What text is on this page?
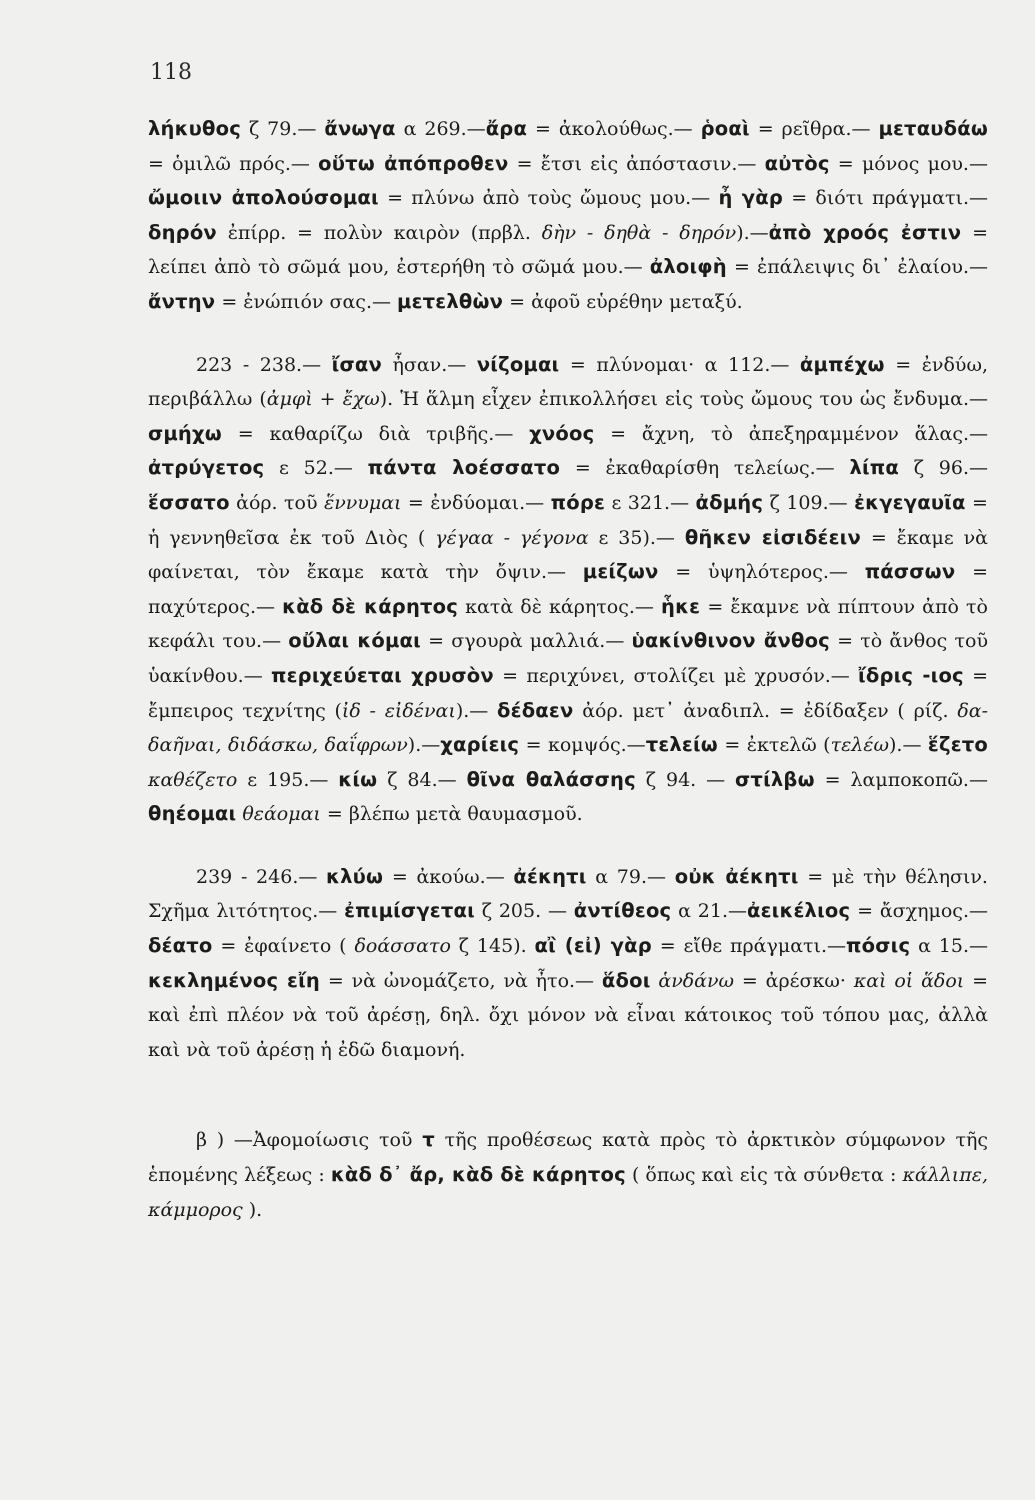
118

λήκυθος ζ 79.— ἄνωγα α 269.—ἄρα = ἀκολούθως.— ῥοαὶ = ρεῖθρα.— μεταυδάω = ὁμιλῶ πρός.— οὕτω ἀπόπροθεν = ἔτσι εἰς ἀπόστασιν.— αὐτὸς = μόνος μου.— ὤμοιιν ἀπολούσομαι = πλύνω ἀπὸ τοὺς ὤμους μου.— ἦ γὰρ = διότι πράγματι.— δηρόν ἐπίρρ. = πολὺν καιρὸν (πρβλ. δὴν - δηθὰ - δηρόν).—ἀπὸ χροός ἐστιν = λείπει ἀπὸ τὸ σῶμά μου, ἐστερήθη τὸ σῶμά μου.— ἀλοιφὴ = ἐπάλειψις δι᾽ ἐλαίου.— ἄντην = ἐνώπιόν σας.— μετελθὼν = ἀφοῦ εὑρέθην μεταξύ.

223 - 238.— ἴσαν ἦσαν.— νίζομαι = πλύνομαι· α 112.— ἀμπέχω = ἐνδύω, περιβάλλω (ἀμφὶ + ἔχω). Ἡ ἅλμη εἶχεν ἐπικολλήσει εἰς τοὺς ὤμους του ὡς ἔνδυμα.— σμήχω = καθαρίζω διὰ τριβῆς.— χνόος = ἄχνη, τὸ ἀπεξηραμμένον ἅλας.— ἀτρύγετος ε 52.— πάντα λοέσσατο = ἐκαθαρίσθη τελείως.— λίπα ζ 96.— ἕσσατο ἀόρ. τοῦ ἕννυμαι = ἐνδύομαι.— πόρε ε 321.— ἀδμής ζ 109.— ἐκγεγαυῖα = ἡ γεννηθεῖσα ἐκ τοῦ Διὸς ( γέγαα - γέγονα ε 35).— θῆκεν εἰσιδέειν = ἔκαμε νὰ φαίνεται, τὸν ἔκαμε κατὰ τὴν ὄψιν.— μείζων = ὑψηλότερος.— πάσσων = παχύτερος.— κὰδ δὲ κάρητος κατὰ δὲ κάρητος.— ἧκε = ἔκαμνε νὰ πίπτουν ἀπὸ τὸ κεφάλι του.— οὔλαι κόμαι = σγουρὰ μαλλιά.— ὑακίνθινον ἄνθος = τὸ ἄνθος τοῦ ὑακίνθου.— περιχεύεται χρυσὸν = περιχύνει, στολίζει μὲ χρυσόν.— ἴδρις -ιος = ἔμπειρος τεχνίτης (ἰδ - εἰδέναι).— δέδαεν ἀόρ. μετ᾽ ἀναδιπλ. = ἐδίδαξεν ( ρίζ. δα-δαῆναι, διδάσκω, δαΐφρων).—χαρίεις = κομψός.—τελείω = ἐκτελῶ (τελέω).— ἕζετο καθέζετο ε 195.— κίω ζ 84.— θῖνα θαλάσσης ζ 94. — στίλβω = λαμποκοπῶ.— θηέομαι θεάομαι = βλέπω μετὰ θαυμασμοῦ.

239 - 246.— κλύω = ἀκούω.— ἀέκητι α 79.— οὐκ ἀέκητι = μὲ τὴν θέλησιν. Σχῆμα λιτότητος.— ἐπιμίσγεται ζ 205. — ἀντίθεος α 21.—ἀεικέλιος = ἄσχημος.— δέατο = ἐφαίνετο ( δοάσσατο ζ 145). αἲ (εἰ) γὰρ = εἴθε πράγματι.—πόσις α 15.—κεκλημένος εἴη = νὰ ὠνομάζετο, νὰ ἦτο.— ἅδοι ἁνδάνω = ἀρέσκω· καὶ οἱ ἅδοι = καὶ ἐπὶ πλέον νὰ τοῦ ἀρέσῃ, δηλ. ὄχι μόνον νὰ εἶναι κάτοικος τοῦ τόπου μας, ἀλλὰ καὶ νὰ τοῦ ἀρέσῃ ἡ ἐδῶ διαμονή.

β ) —Ἀφομοίωσις τοῦ τ τῆς προθέσεως κατὰ πρὸς τὸ ἀρκτικὸν σύμφωνον τῆς ἑπομένης λέξεως : κὰδ δ᾽ ἄρ, κὰδ δὲ κάρητος ( ὅπως καὶ εἰς τὰ σύνθετα : κάλλιπε, κάμμορος ).
